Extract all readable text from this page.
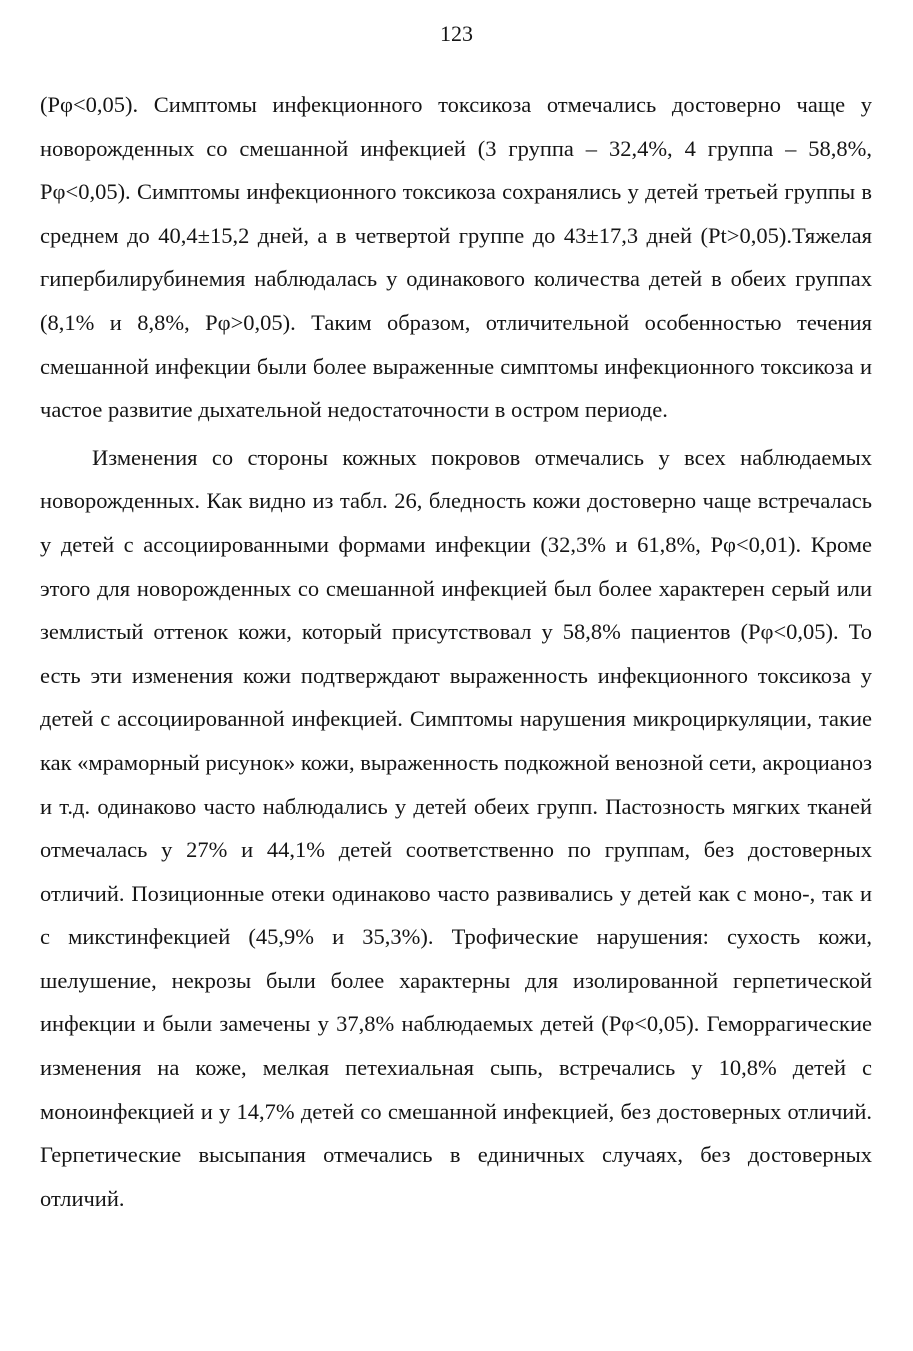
123

(Pφ<0,05). Симптомы инфекционного токсикоза отмечались достоверно чаще у новорожденных со смешанной инфекцией (3 группа – 32,4%, 4 группа – 58,8%, Pφ<0,05). Симптомы инфекционного токсикоза сохранялись у детей третьей группы в среднем до 40,4±15,2 дней, а в четвертой группе до 43±17,3 дней (Pt>0,05).Тяжелая гипербилирубинемия наблюдалась у одинакового количества детей в обеих группах (8,1% и 8,8%, Pφ>0,05). Таким образом, отличительной особенностью течения смешанной инфекции были более выраженные симптомы инфекционного токсикоза и частое развитие дыхательной недостаточности в остром периоде.

Изменения со стороны кожных покровов отмечались у всех наблюдаемых новорожденных. Как видно из табл. 26, бледность кожи достоверно чаще встречалась у детей с ассоциированными формами инфекции (32,3% и 61,8%, Pφ<0,01). Кроме этого для новорожденных со смешанной инфекцией был более характерен серый или землистый оттенок кожи, который присутствовал у 58,8% пациентов (Pφ<0,05). То есть эти изменения кожи подтверждают выраженность инфекционного токсикоза у детей с ассоциированной инфекцией. Симптомы нарушения микроциркуляции, такие как «мраморный рисунок» кожи, выраженность подкожной венозной сети, акроцианоз и т.д. одинаково часто наблюдались у детей обеих групп. Пастозность мягких тканей отмечалась у 27% и 44,1% детей соответственно по группам, без достоверных отличий. Позиционные отеки одинаково часто развивались у детей как с моно-, так и с микстинфекцией (45,9% и 35,3%). Трофические нарушения: сухость кожи, шелушение, некрозы были более характерны для изолированной герпетической инфекции и были замечены у 37,8% наблюдаемых детей (Pφ<0,05). Геморрагические изменения на коже, мелкая петехиальная сыпь, встречались у 10,8% детей с моноинфекцией и у 14,7% детей со смешанной инфекцией, без достоверных отличий. Герпетические высыпания отмечались в единичных случаях, без достоверных отличий.
